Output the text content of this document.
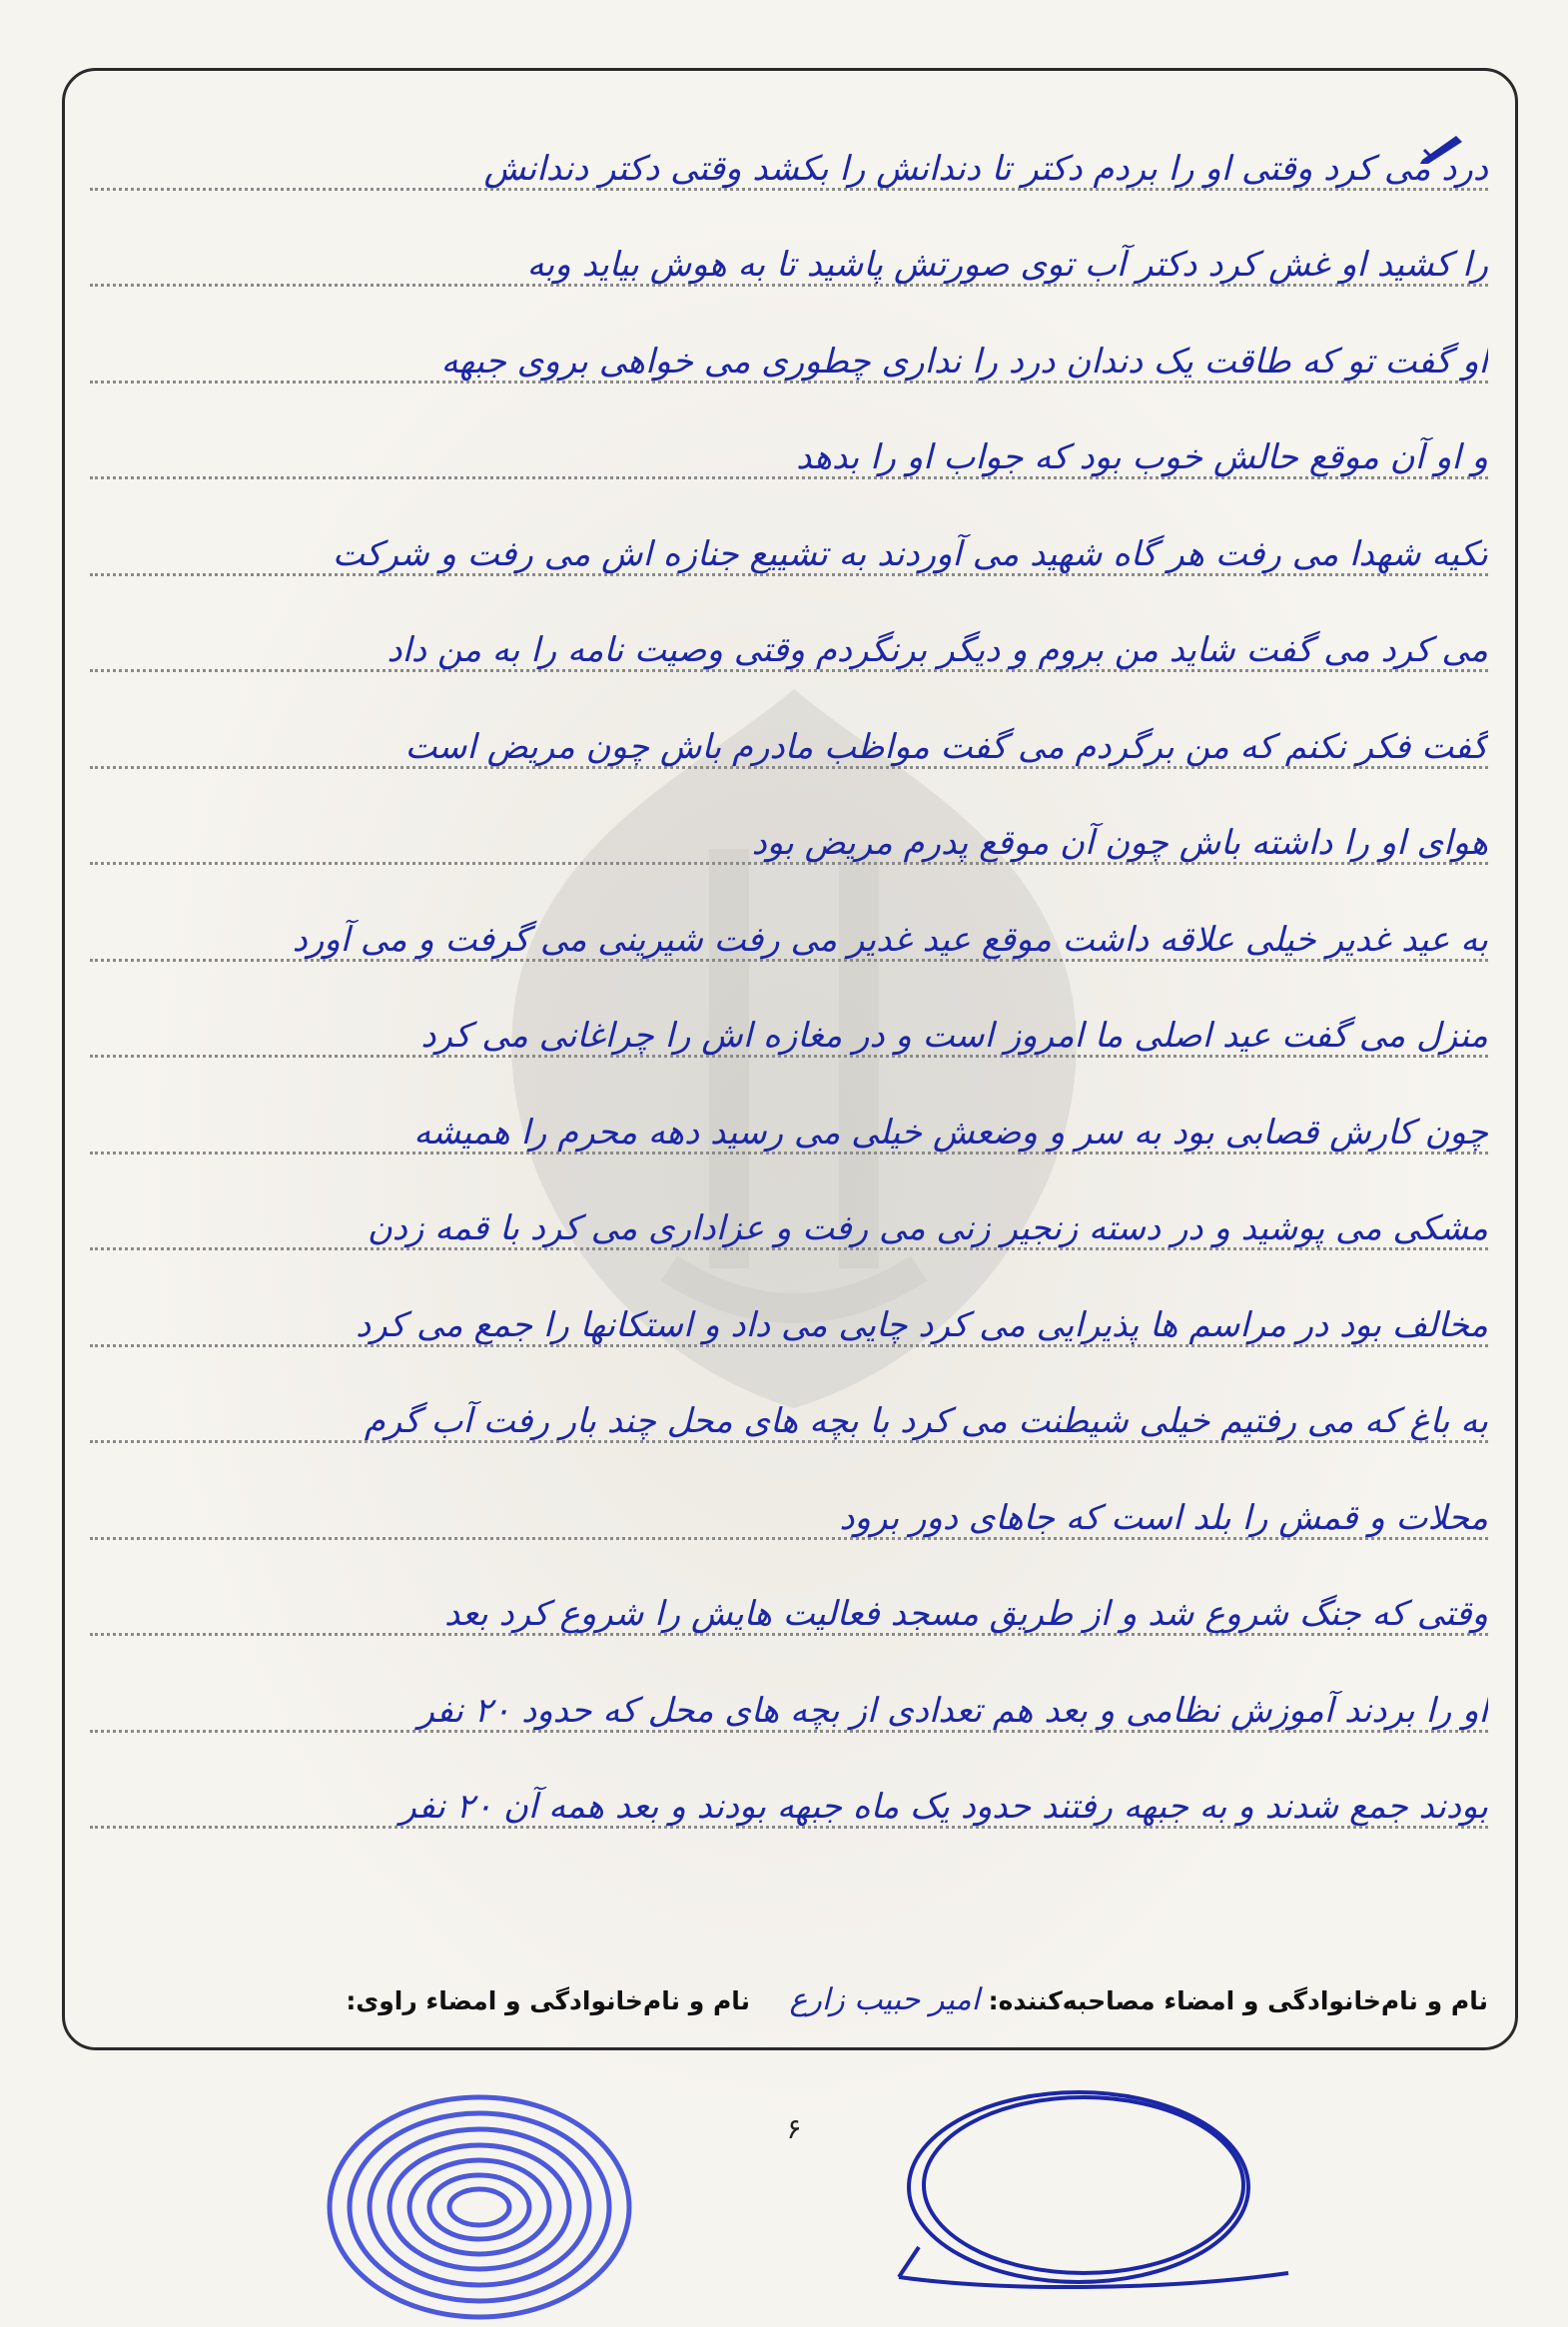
درد می کرد وقتی او را بردم دکتر تا دندانش را بکشد وقتی دکتر دندانش
را کشید او غش کرد دکتر آب توی صورتش پاشید تا به هوش بیاید وبه
او گفت تو که طاقت یک دندان درد را نداری چطوری می خواهی بروی جبهه
و او آن موقع حالش خوب بود که جواب او را بدهد
تکیه شهدا می رفت هر گاه شهید می آوردند به تشییع جنازه اش می رفت و شرکت
می کرد می گفت شاید من بروم و دیگر برنگردم وقتی وصیت نامه را به من داد
گفت فکر نکنم که من برگردم می گفت مواظب مادرم باش چون مریض است
هوای او را داشته باش چون آن موقع پدرم مریض بود
به عید غدیر خیلی علاقه داشت موقع عید غدیر می رفت شیرینی می گرفت و می آورد
منزل می گفت عید اصلی ما امروز است و در مغازه اش را چراغانی می کرد
چون کارش قصابی بود به سر و وضعش خیلی می رسید دهه محرم را همیشه
مشکی می پوشید و در دسته زنجیر زنی می رفت و عزاداری می کرد با قمه زدن
مخالف بود در مراسم ها پذیرایی می کرد چایی می داد و استکانها را جمع می کرد
به باغ که می رفتیم خیلی شیطنت می کرد با بچه های محل چند بار رفت آب گرم
محلات و قمش را بلد است که جاهای دور برود
وقتی که جنگ شروع شد و از طریق مسجد فعالیت هایش را شروع کرد بعد
او را بردند آموزش نظامی و بعد هم تعدادی از بچه های محل که حدود ۲۰ نفر
بودند جمع شدند و به جبهه رفتند حدود یک ماه جبهه بودند و بعد همه آن ۲۰ نفر
نام و نام‌خانوادگی و امضاء مصاحبه‌کننده: امیر حبیب زارع  نام و نام‌خانوادگی و امضاء راوی:
۶
